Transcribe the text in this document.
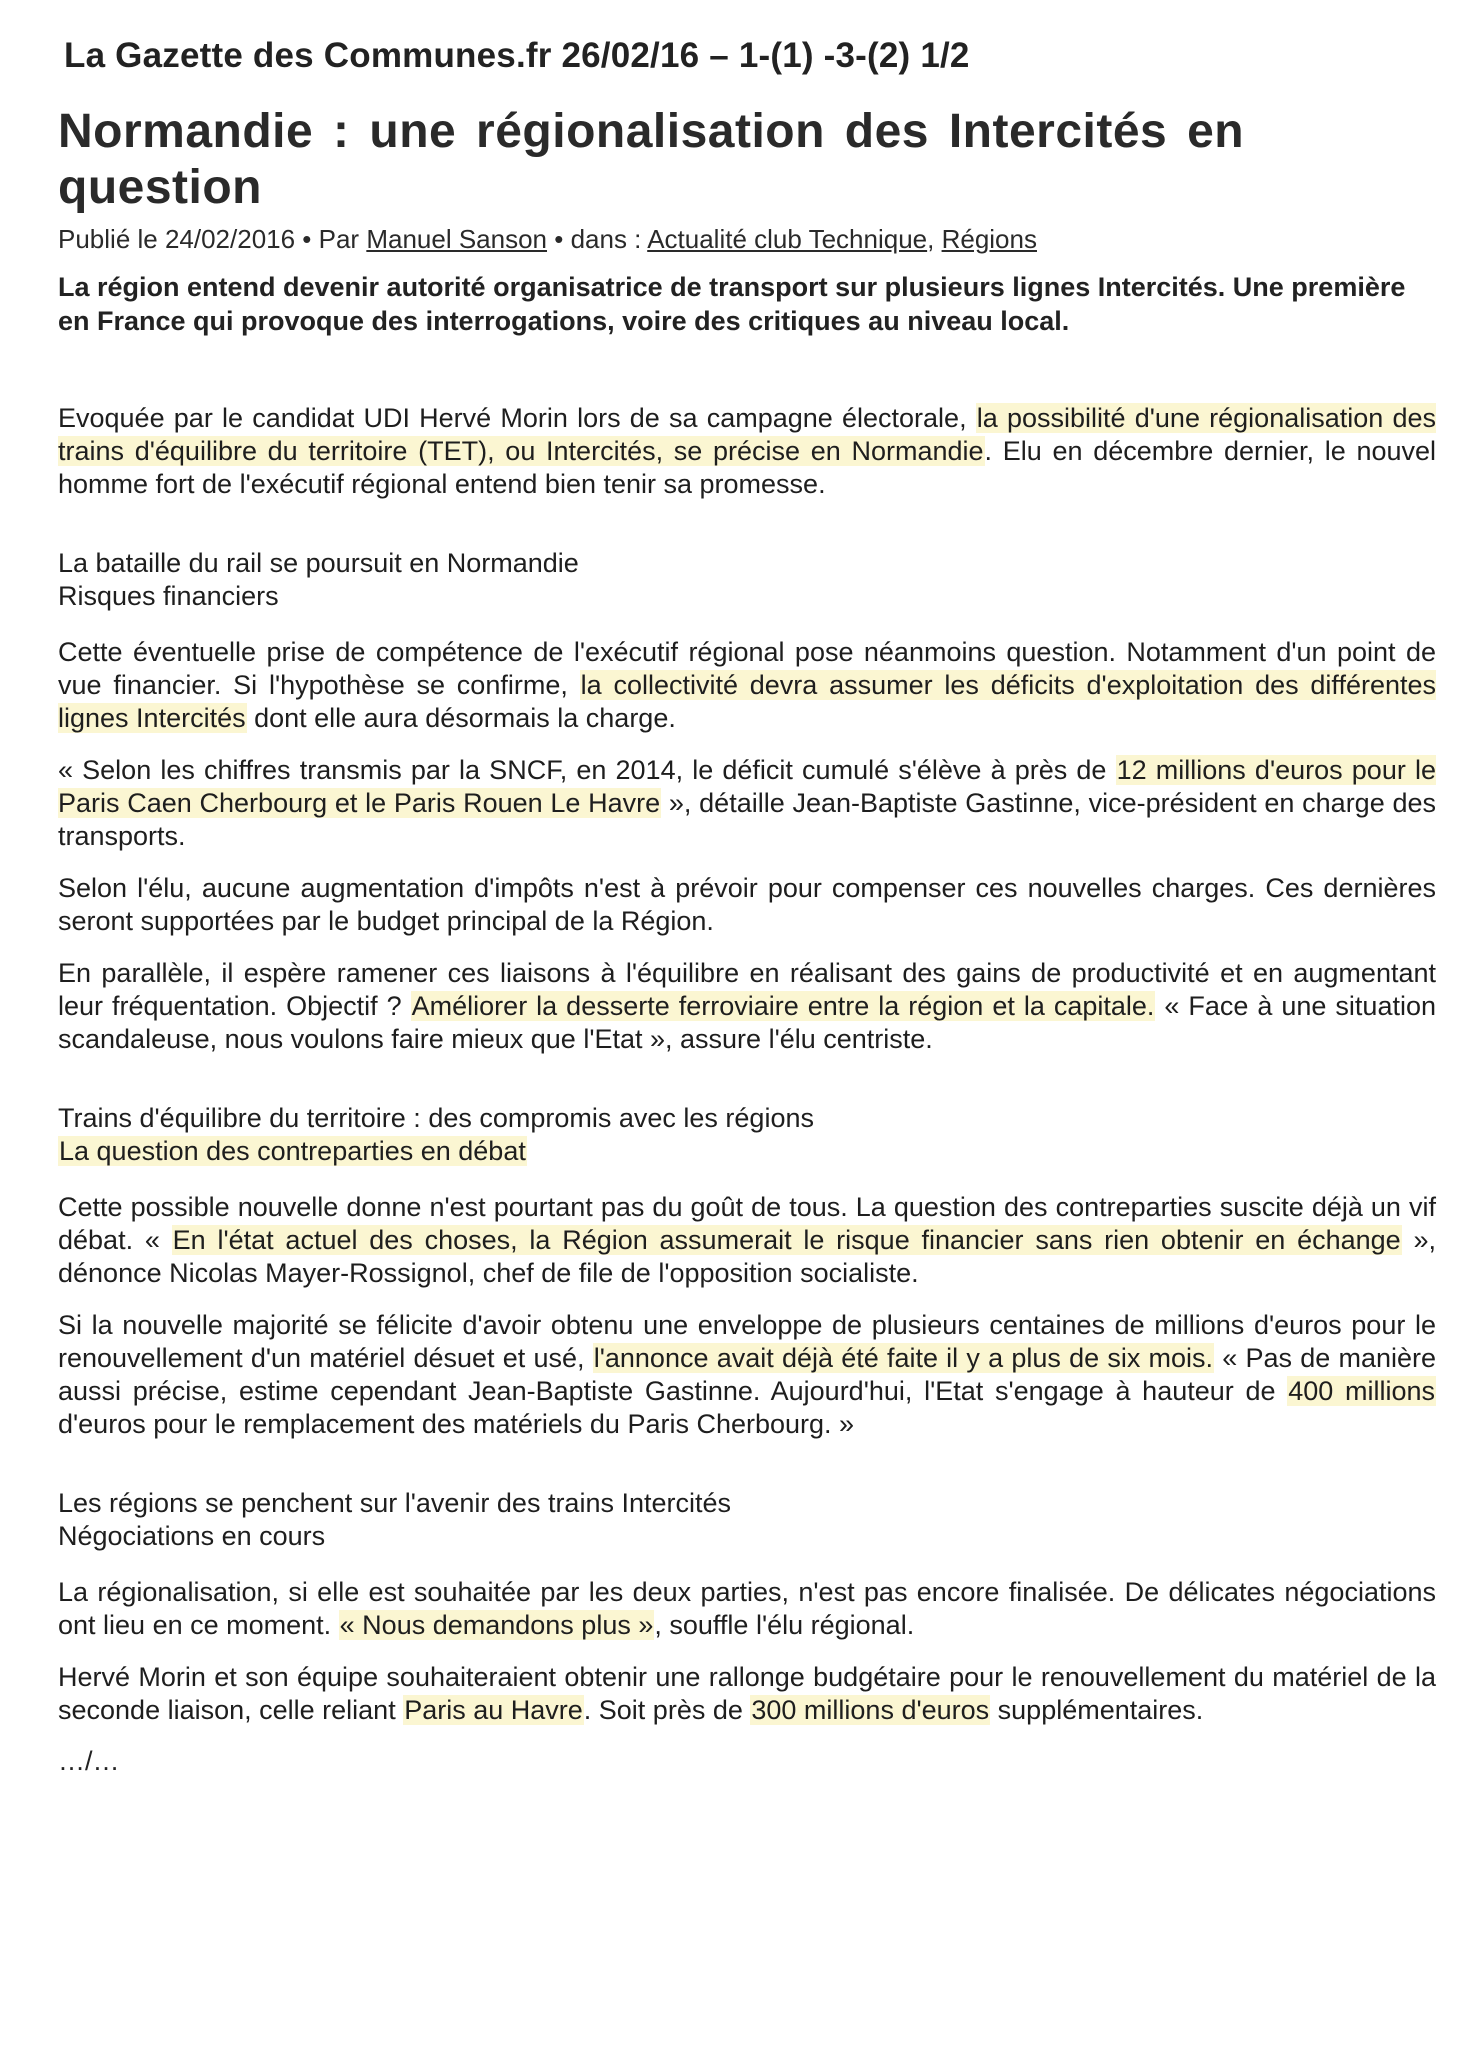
La Gazette des Communes.fr 26/02/16 – 1-(1) -3-(2) 1/2
Normandie : une régionalisation des Intercités en question
Publié le 24/02/2016 • Par Manuel Sanson • dans : Actualité club Technique, Régions
La région entend devenir autorité organisatrice de transport sur plusieurs lignes Intercités. Une première en France qui provoque des interrogations, voire des critiques au niveau local.

Evoquée par le candidat UDI Hervé Morin lors de sa campagne électorale, la possibilité d'une régionalisation des trains d'équilibre du territoire (TET), ou Intercités, se précise en Normandie. Elu en décembre dernier, le nouvel homme fort de l'exécutif régional entend bien tenir sa promesse.

La bataille du rail se poursuit en Normandie
Risques financiers

Cette éventuelle prise de compétence de l'exécutif régional pose néanmoins question. Notamment d'un point de vue financier. Si l'hypothèse se confirme, la collectivité devra assumer les déficits d'exploitation des différentes lignes Intercités dont elle aura désormais la charge.

« Selon les chiffres transmis par la SNCF, en 2014, le déficit cumulé s'élève à près de 12 millions d'euros pour le Paris Caen Cherbourg et le Paris Rouen Le Havre », détaille Jean-Baptiste Gastinne, vice-président en charge des transports.

Selon l'élu, aucune augmentation d'impôts n'est à prévoir pour compenser ces nouvelles charges. Ces dernières seront supportées par le budget principal de la Région.

En parallèle, il espère ramener ces liaisons à l'équilibre en réalisant des gains de productivité et en augmentant leur fréquentation. Objectif ? Améliorer la desserte ferroviaire entre la région et la capitale. « Face à une situation scandaleuse, nous voulons faire mieux que l'Etat », assure l'élu centriste.

Trains d'équilibre du territoire : des compromis avec les régions
La question des contreparties en débat

Cette possible nouvelle donne n'est pourtant pas du goût de tous. La question des contreparties suscite déjà un vif débat. « En l'état actuel des choses, la Région assumerait le risque financier sans rien obtenir en échange », dénonce Nicolas Mayer-Rossignol, chef de file de l'opposition socialiste.

Si la nouvelle majorité se félicite d'avoir obtenu une enveloppe de plusieurs centaines de millions d'euros pour le renouvellement d'un matériel désuet et usé, l'annonce avait déjà été faite il y a plus de six mois. « Pas de manière aussi précise, estime cependant Jean-Baptiste Gastinne. Aujourd'hui, l'Etat s'engage à hauteur de 400 millions d'euros pour le remplacement des matériels du Paris Cherbourg. »

Les régions se penchent sur l'avenir des trains Intercités
Négociations en cours

La régionalisation, si elle est souhaitée par les deux parties, n'est pas encore finalisée. De délicates négociations ont lieu en ce moment. « Nous demandons plus », souffle l'élu régional.

Hervé Morin et son équipe souhaiteraient obtenir une rallonge budgétaire pour le renouvellement du matériel de la seconde liaison, celle reliant Paris au Havre. Soit près de 300 millions d'euros supplémentaires.

…/…
